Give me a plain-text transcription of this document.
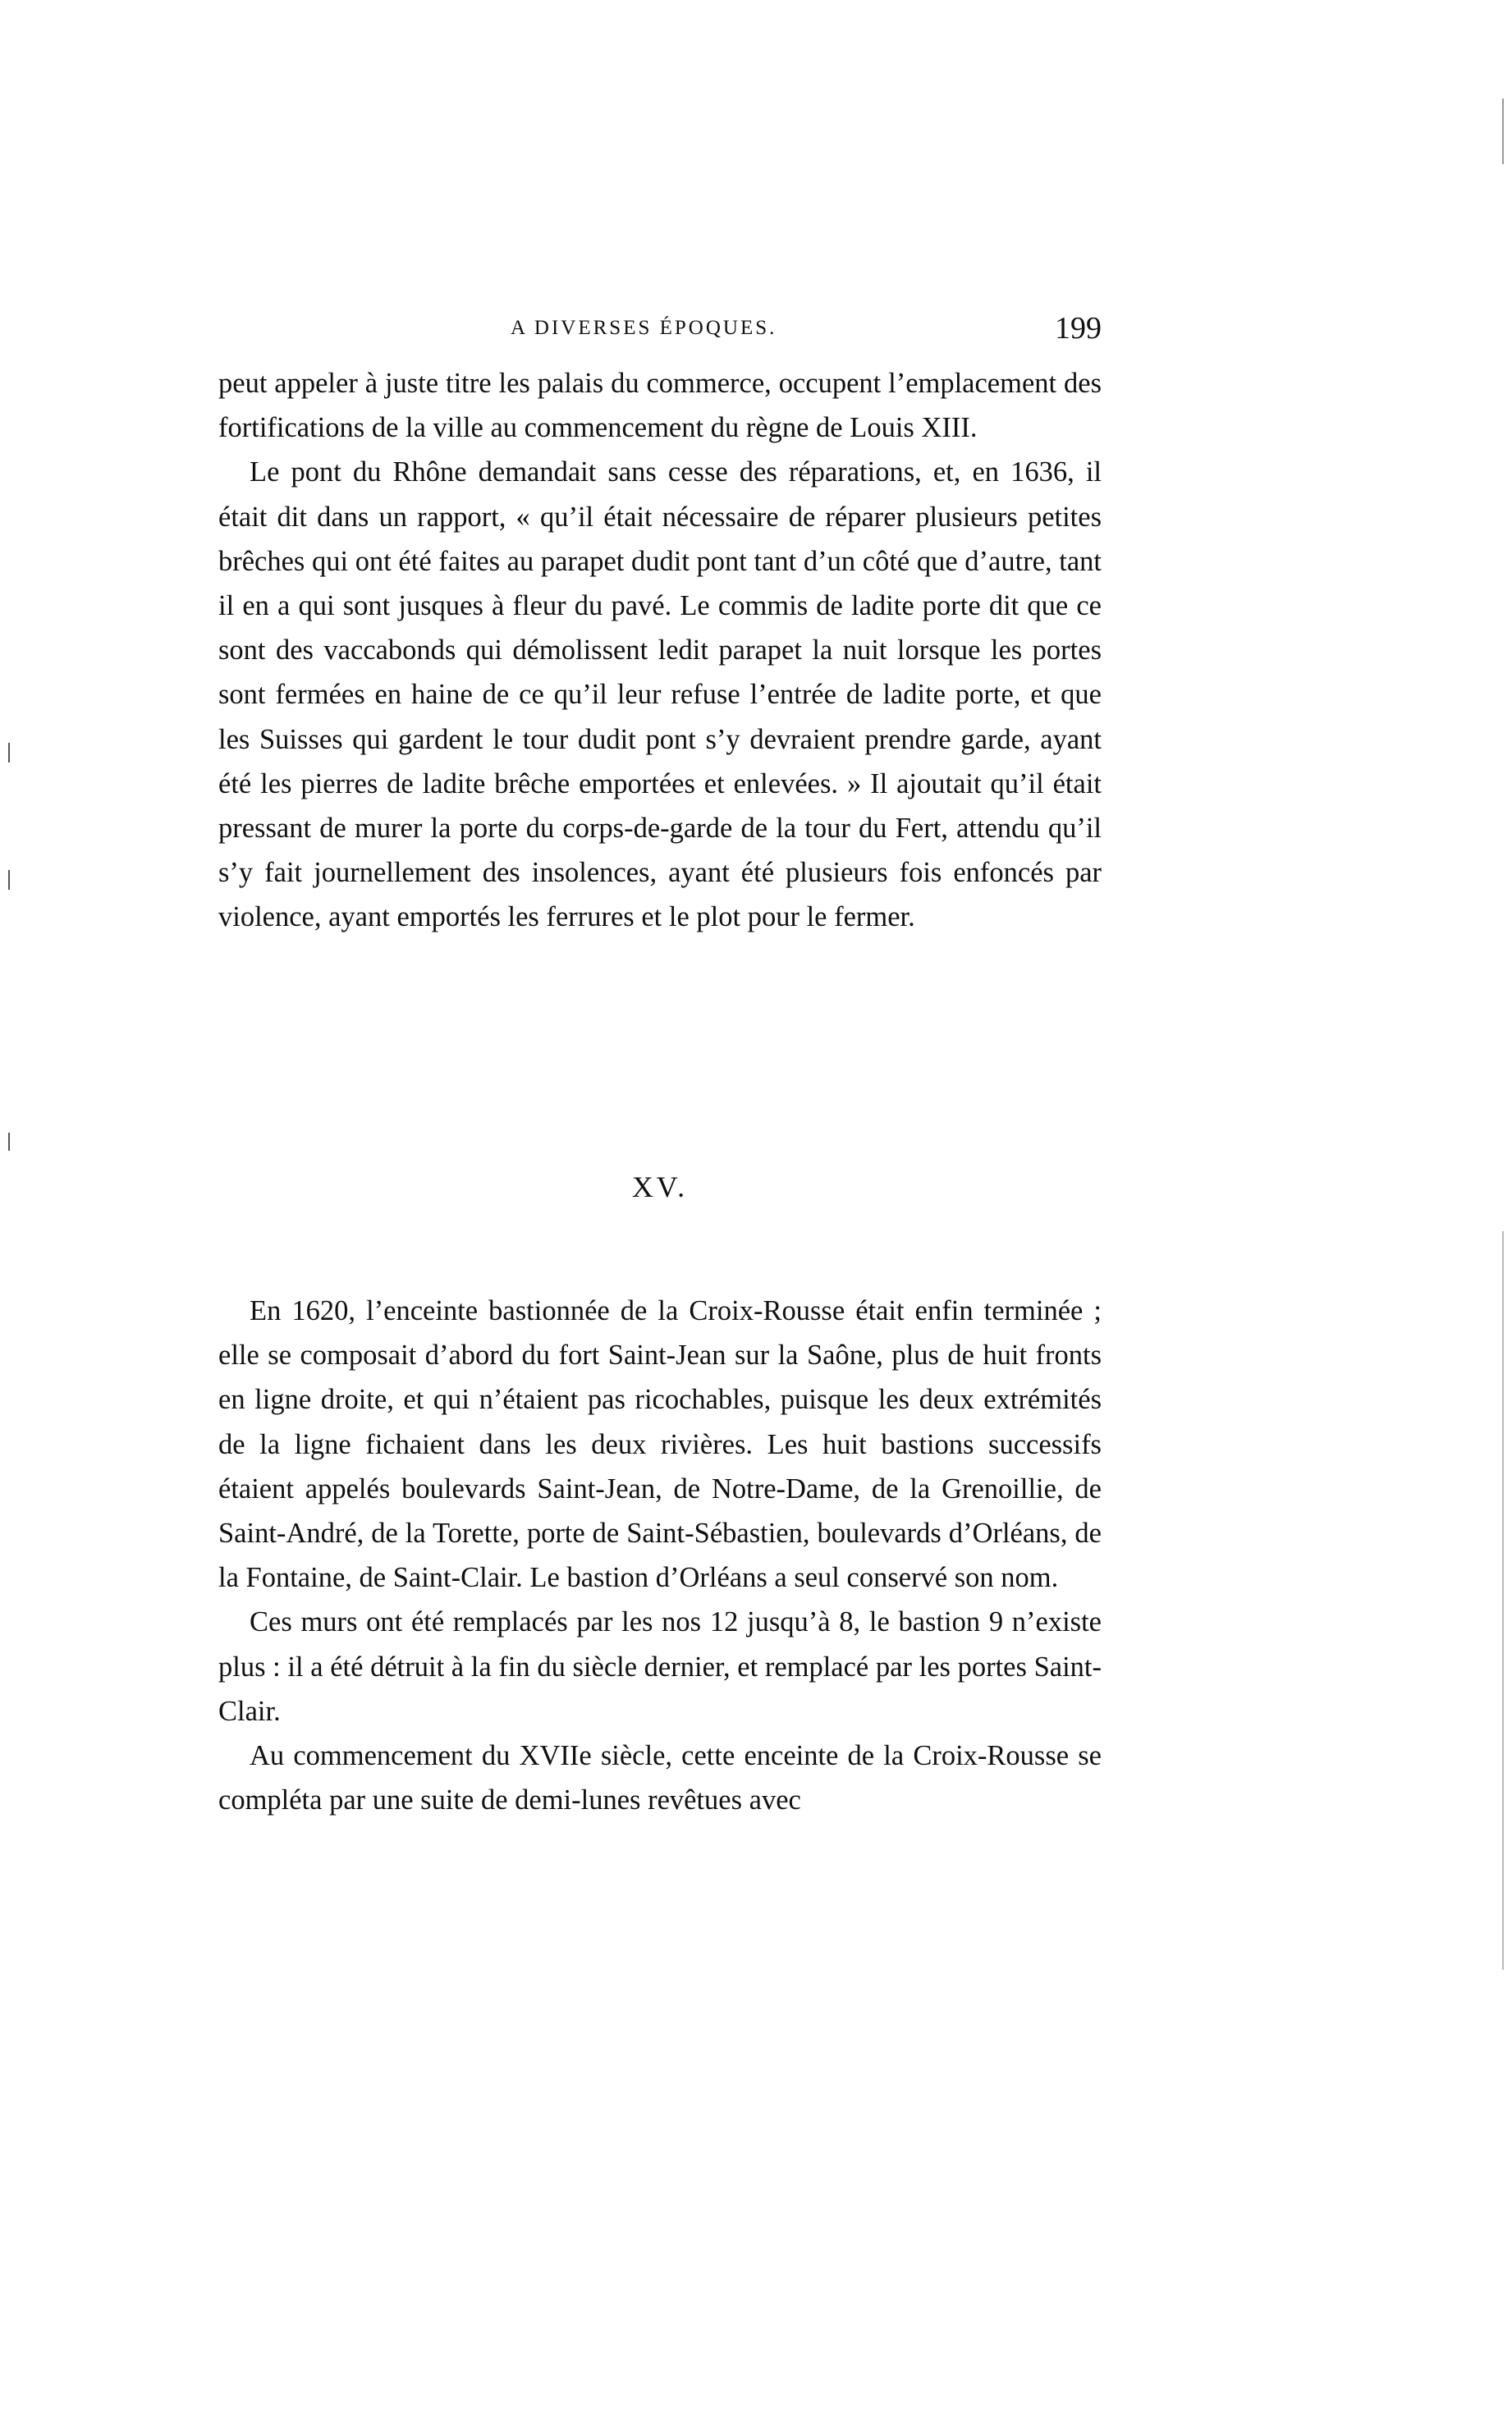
A DIVERSES ÉPOQUES.	199

peut appeler à juste titre les palais du commerce, occupent l’emplacement des fortifications de la ville au commencement du règne de Louis XIII.

Le pont du Rhône demandait sans cesse des réparations, et, en 1636, il était dit dans un rapport, « qu’il était nécessaire de réparer plusieurs petites brêches qui ont été faites au parapet dudit pont tant d’un côté que d’autre, tant il en a qui sont jusques à fleur du pavé. Le commis de ladite porte dit que ce sont des vaccabonds qui démolissent ledit parapet la nuit lorsque les portes sont fermées en haine de ce qu’il leur refuse l’entrée de ladite porte, et que les Suisses qui gardent le tour dudit pont s’y devraient prendre garde, ayant été les pierres de ladite brêche emportées et enlevées. » Il ajoutait qu’il était pressant de murer la porte du corps-de-garde de la tour du Fert, attendu qu’il s’y fait journellement des insolences, ayant été plusieurs fois enfoncés par violence, ayant emportés les ferrures et le plot pour le fermer.

XV.

En 1620, l’enceinte bastionnée de la Croix-Rousse était enfin terminée ; elle se composait d’abord du fort Saint-Jean sur la Saône, plus de huit fronts en ligne droite, et qui n’étaient pas ricochables, puisque les deux extrémités de la ligne fichaient dans les deux rivières. Les huit bastions successifs étaient appelés boulevards Saint-Jean, de Notre-Dame, de la Grenoillie, de Saint-André, de la Torette, porte de Saint-Sébastien, boulevards d’Orléans, de la Fontaine, de Saint-Clair. Le bastion d’Orléans a seul conservé son nom.

Ces murs ont été remplacés par les nos 12 jusqu’à 8, le bastion 9 n’existe plus : il a été détruit à la fin du siècle dernier, et remplacé par les portes Saint-Clair.

Au commencement du XVIIe siècle, cette enceinte de la Croix-Rousse se compléta par une suite de demi-lunes revêtues avec
